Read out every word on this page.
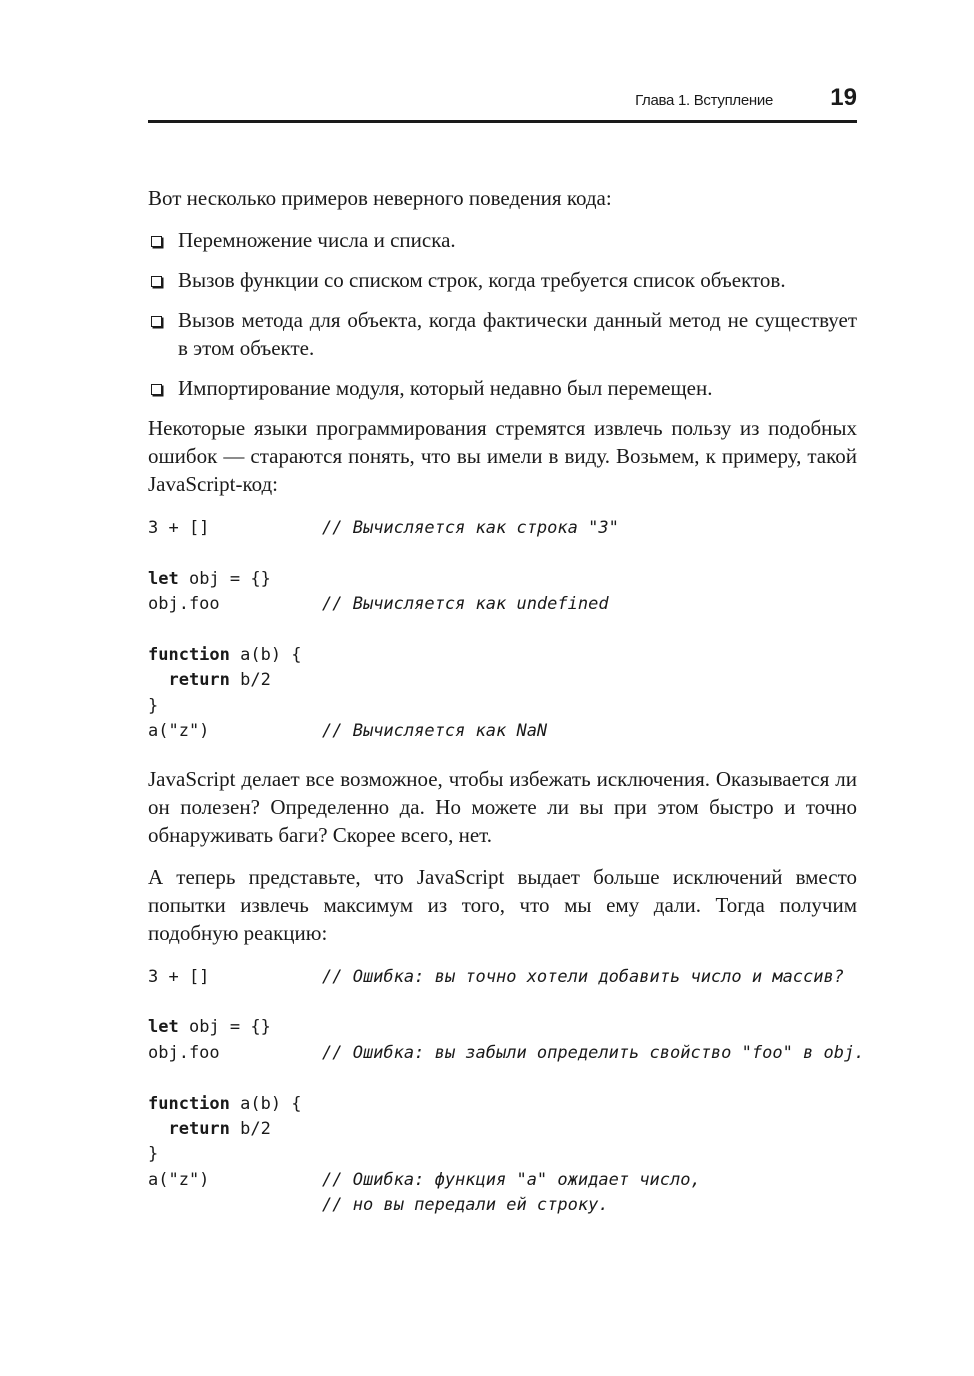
Глава 1. Вступление 19

Вот несколько примеров неверного поведения кода:

Перемножение числа и списка.
Вызов функции со списком строк, когда требуется список объектов.
Вызов метода для объекта, когда фактически данный метод не существует в этом объекте.
Импортирование модуля, который недавно был перемещен.

Некоторые языки программирования стремятся извлечь пользу из подобных ошибок — стараются понять, что вы имели в виду. Возьмем, к примеру, такой JavaScript-код:

3 + []	// Вычисляется как строка "3"
let obj = {}
obj.foo	// Вычисляется как undefined
function a(b) {
return b/2
}
a("z")	// Вычисляется как NaN

JavaScript делает все возможное, чтобы избежать исключения. Оказывается ли он полезен? Определенно да. Но можете ли вы при этом быстро и точно обнаруживать баги? Скорее всего, нет.

А теперь представьте, что JavaScript выдает больше исключений вместо попытки извлечь максимум из того, что мы ему дали. Тогда получим подобную реакцию:

3 + []	// Ошибка: вы точно хотели добавить число и массив?
let obj = {}
obj.foo	// Ошибка: вы забыли определить свойство "foo" в obj.
function a(b) {
return b/2
}
a("z")	// Ошибка: функция "a" ожидает число,
// но вы передали ей строку.
